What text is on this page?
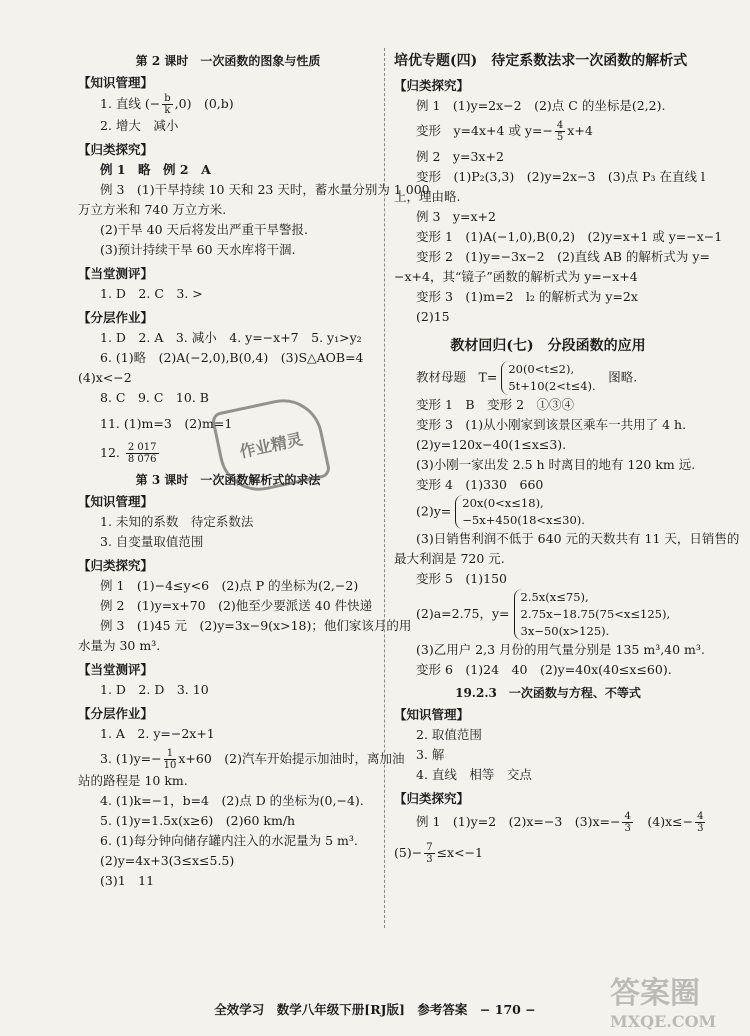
第 2 课时　一次函数的图象与性质
【知识管理】
1. 直线 (− $\frac{b}{k} ,0$)　(0,b)
2. 增大　减小
【归类探究】
例 1　略　例 2　A
例 3　(1)干旱持续 10 天和 23 天时，蓄水量分别为 1 000
万立方米和 740 万立方米.
(2)干旱 40 天后将发出严重干旱警报.
(3)预计持续干旱 60 天水库将干涸.
【当堂测评】
1. D　2. C　3. >
【分层作业】
1. D　2. A　3. 减小　4. y=−x+7　5. y₁>y₂
6. (1)略　(2)A(−2,0),B(0,4)　(3)S△AOB=4
(4)x<−2
8. C　9. C　10. B
11. (1)m=3　(2)m=1
12. $\frac{2 017}{8 076}$
第 3 课时　一次函数解析式的求法
【知识管理】
1. 未知的系数　待定系数法
3. 自变量取值范围
【归类探究】
例 1　(1)−4≤y<6　(2)点 P 的坐标为(2,−2)
例 2　(1)y=x+70　(2)他至少要派送 40 件快递
例 3　(1)45 元　(2)y=3x−9(x>18)；他们家该月的用
水量为 30 m³.
【当堂测评】
1. D　2. D　3. 10
【分层作业】
1. A　2. y=−2x+1
3. $(1)y=- \frac{1}{10} x+60$　(2)汽车开始提示加油时，离加油
站的路程是 10 km.
4. (1)k=−1，b=4　(2)点 D 的坐标为(0,−4).
5. (1)y=1.5x(x≥6)　(2)60 km/h
6. (1)每分钟向储存罐内注入的水泥量为 5 m³.
(2)y=4x+3(3≤x≤5.5)
(3)1　11
培优专题(四)　待定系数法求一次函数的解析式
【归类探究】
例 1　(1)y=2x−2　(2)点 C 的坐标是(2,2).
变形　y=4x+4 或 $y=- \frac{4}{5} x+4$
例 2　y=3x+2
变形　(1)P₂(3,3)　(2)y=2x−3　(3)点 P₃ 在直线 l
上，理由略.
例 3　y=x+2
变形 1　(1)A(−1,0),B(0,2)　(2)y=x+1 或 y=−x−1
变形 2　(1)y=−3x−2　(2)直线 AB 的解析式为 y=
−x+4，其“镜子”函数的解析式为 y=−x+4
变形 3　(1)m=2　l₂ 的解析式为 y=2x
(2)15
教材回归(七)　分段函数的应用
教材母题　T=
20(0<t≤2),
5t+10(2<t≤4).
　图略.
变形 1　B　变形 2　①③④
变形 3　(1)从小刚家到该景区乘车一共用了 4 h.
(2)y=120x−40(1≤x≤3).
(3)小刚一家出发 2.5 h 时离目的地有 120 km 远.
变形 4　(1)330　660
(2)y=
20x(0<x≤18),
−5x+450(18<x≤30).
(3)日销售利润不低于 640 元的天数共有 11 天，日销售的
最大利润是 720 元.
变形 5　(1)150
(2)a=2.75，y=
2.5x(x≤75),
2.75x−18.75(75<x≤125),
3x−50(x>125).
(3)乙用户 2,3 月份的用气量分别是 135 m³,40 m³.
变形 6　(1)24　40　(2)y=40x(40≤x≤60).
19.2.3　一次函数与方程、不等式
【知识管理】
2. 取值范围
3. 解
4. 直线　相等　交点
【归类探究】
例 1　(1)y=2　(2)x=−3　$(3)x=- \frac{4}{3}$ 　$(4)x\le- \frac{4}{3}$
$(5)- \frac{7}{3} \le x<-1$
作业精灵
全效学习　数学八年级下册[RJ版]　参考答案　− 170 −	答案圈
MXQE.COM
